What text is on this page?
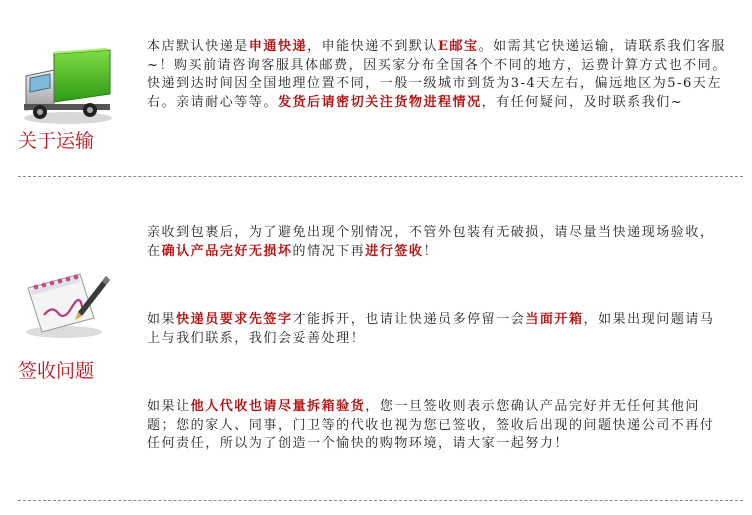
关于运输
本店默认快递是申通快递，申能快递不到默认E邮宝。如需其它快递运输，请联系我们客服~！购买前请咨询客服具体邮费，因买家分布全国各个不同的地方，运费计算方式也不同。快递到达时间因全国地理位置不同，一般一级城市到货为3-4天左右，偏远地区为5-6天左右。亲请耐心等等。发货后请密切关注货物进程情况，有任何疑问，及时联系我们~
签收问题
亲收到包裹后，为了避免出现个别情况，不管外包装有无破损，请尽量当快递现场验收，在确认产品完好无损坏的情况下再进行签收！
如果快递员要求先签字才能拆开，也请让快递员多停留一会当面开箱，如果出现问题请马上与我们联系，我们会妥善处理！
如果让他人代收也请尽量拆箱验货，您一旦签收则表示您确认产品完好并无任何其他问题；您的家人、同事，门卫等的代收也视为您已签收，签收后出现的问题快递公司不再付任何责任，所以为了创造一个愉快的购物环境，请大家一起努力！
